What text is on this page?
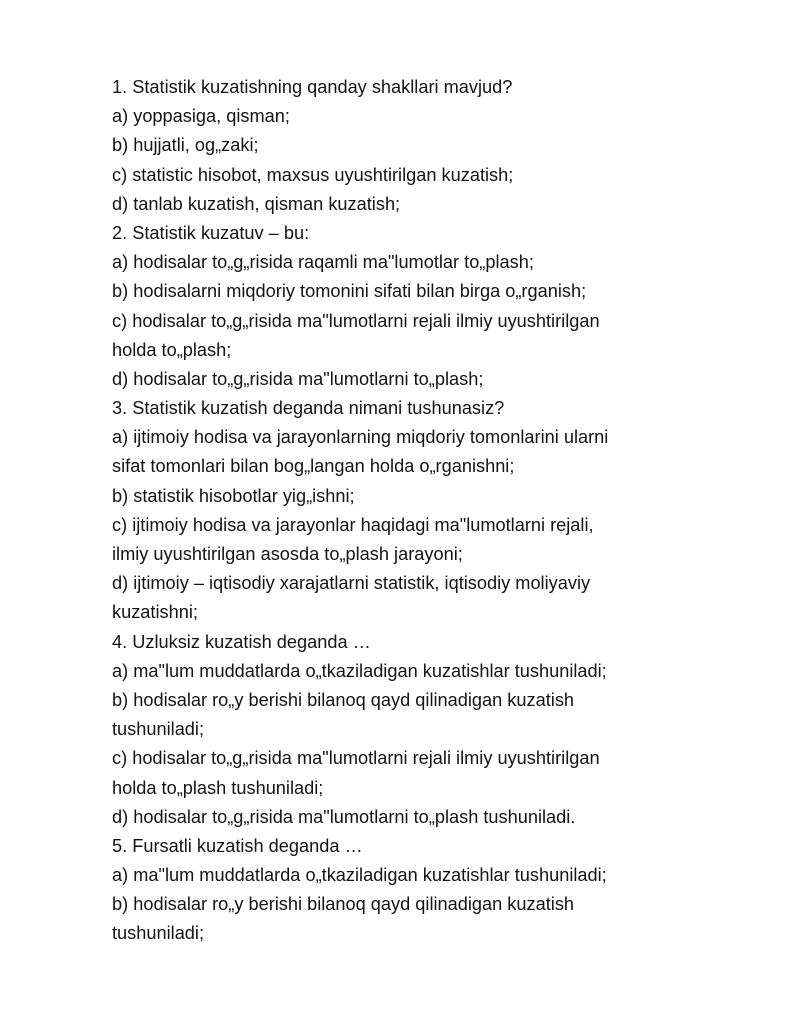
1. Statistik kuzatishning qanday shakllari mavjud?
a) yoppasiga, qisman;
b) hujjatli, og„zaki;
c) statistic hisobot, maxsus uyushtirilgan kuzatish;
d) tanlab kuzatish, qisman kuzatish;
2. Statistik kuzatuv – bu:
a) hodisalar to„g„risida raqamli ma"lumotlar to„plash;
b) hodisalarni miqdoriy tomonini sifati bilan birga o„rganish;
c) hodisalar to„g„risida ma"lumotlarni rejali ilmiy uyushtirilgan
holda to„plash;
d) hodisalar to„g„risida ma"lumotlarni to„plash;
3. Statistik kuzatish deganda nimani tushunasiz?
a) ijtimoiy hodisa va jarayonlarning miqdoriy tomonlarini ularni
sifat tomonlari bilan bog„langan holda o„rganishni;
b) statistik hisobotlar yig„ishni;
c) ijtimoiy hodisa va jarayonlar haqidagi ma"lumotlarni rejali,
ilmiy uyushtirilgan asosda to„plash jarayoni;
d) ijtimoiy – iqtisodiy xarajatlarni statistik, iqtisodiy moliyaviy
kuzatishni;
4. Uzluksiz kuzatish deganda …
a) ma"lum muddatlarda o„tkaziladigan kuzatishlar tushuniladi;
b) hodisalar ro„y berishi bilanoq qayd qilinadigan kuzatish
tushuniladi;
c) hodisalar to„g„risida ma"lumotlarni rejali ilmiy uyushtirilgan
holda to„plash tushuniladi;
d) hodisalar to„g„risida ma"lumotlarni to„plash tushuniladi.
5. Fursatli kuzatish deganda …
a) ma"lum muddatlarda o„tkaziladigan kuzatishlar tushuniladi;
b) hodisalar ro„y berishi bilanoq qayd qilinadigan kuzatish
tushuniladi;
